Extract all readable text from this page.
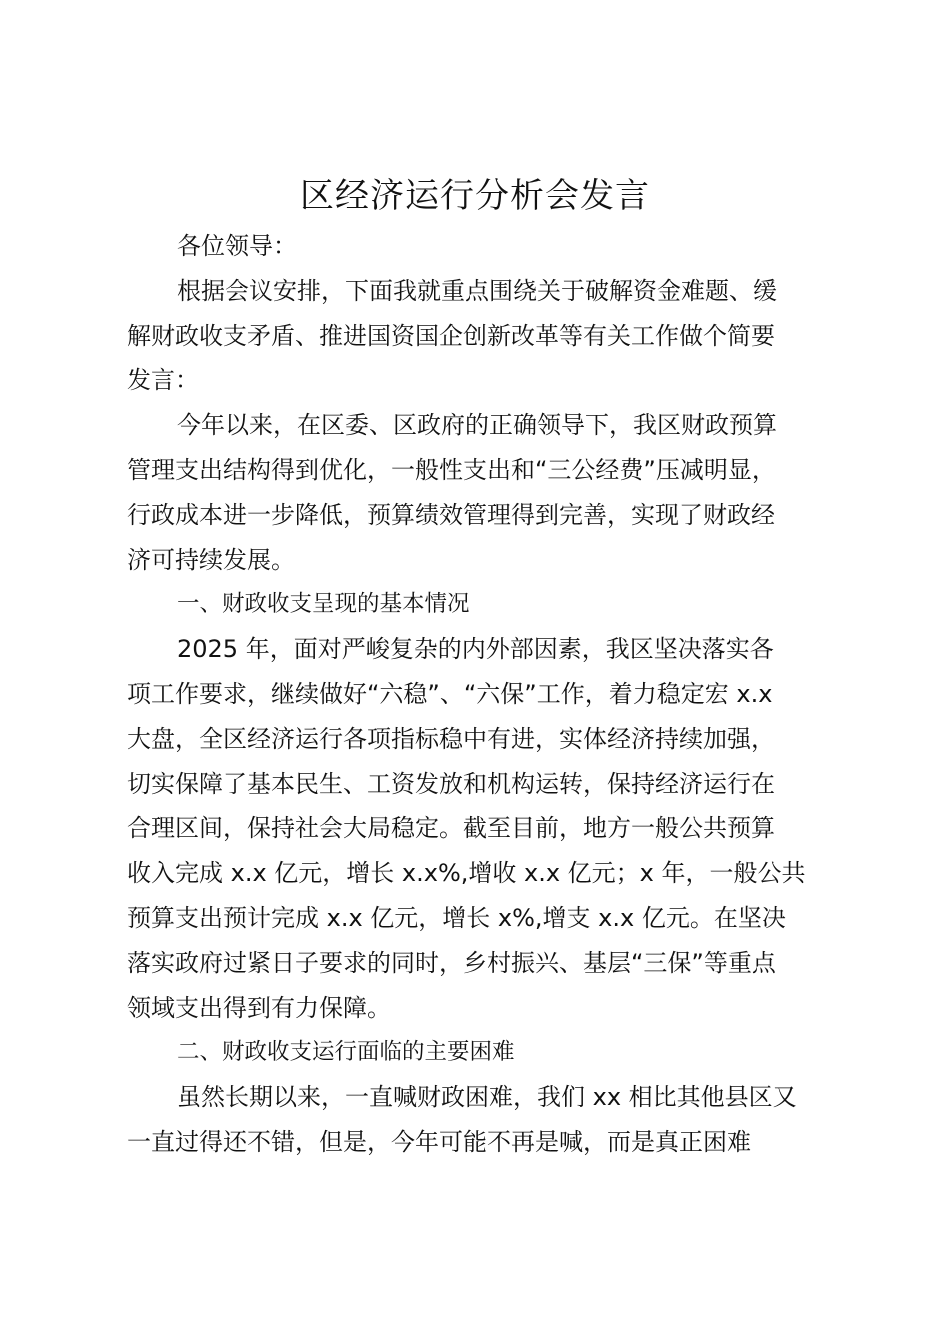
区经济运行分析会发言
各位领导：
根据会议安排，下面我就重点围绕关于破解资金难题、缓
解财政收支矛盾、推进国资国企创新改革等有关工作做个简要
发言：
今年以来，在区委、区政府的正确领导下，我区财政预算
管理支出结构得到优化，一般性支出和“三公经费”压减明显，
行政成本进一步降低，预算绩效管理得到完善，实现了财政经
济可持续发展。
一、财政收支呈现的基本情况
2025 年，面对严峻复杂的内外部因素，我区坚决落实各
项工作要求，继续做好“六稳”、“六保”工作，着力稳定宏 x.x
大盘，全区经济运行各项指标稳中有进，实体经济持续加强，
切实保障了基本民生、工资发放和机构运转，保持经济运行在
合理区间，保持社会大局稳定。截至目前，地方一般公共预算
收入完成 x.x 亿元，增长 x.x%,增收 x.x 亿元；x 年，一般公共
预算支出预计完成 x.x 亿元，增长 x%,增支 x.x 亿元。在坚决
落实政府过紧日子要求的同时，乡村振兴、基层“三保”等重点
领域支出得到有力保障。
二、财政收支运行面临的主要困难
虽然长期以来，一直喊财政困难，我们 xx 相比其他县区又
一直过得还不错，但是，今年可能不再是喊，而是真正困难
